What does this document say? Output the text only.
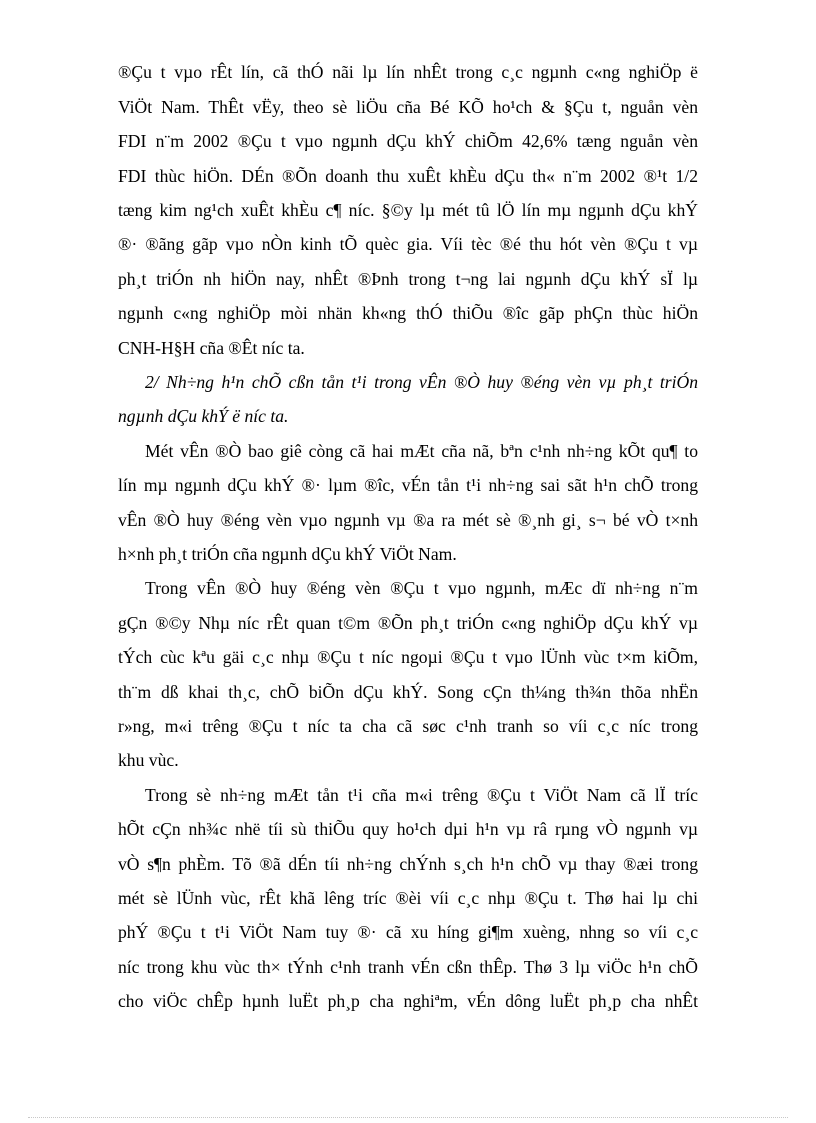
®Çu t vµo rÊt lín, cã thÓ nãi lµ lín nhÊt trong c¸c ngµnh c«ng nghiÖp ë

ViÖt Nam. ThÊt vËy, theo sè liÖu cña Bé KÕ ho¹ch & §Çu t, nguån vèn

FDI n¨m 2002 ®Çu t vµo ngµnh dÇu khÝ chiÕm 42,6% tæng nguån vèn

FDI thùc hiÖn. DÉn ®Õn doanh thu xuÊt khÈu dÇu th« n¨m 2002 ®¹t 1/2

tæng kim ng¹ch xuÊt khÈu c¶ níc. §©y lµ mét tû lÖ lín mµ ngµnh dÇu khÝ

®· ®ãng gãp vµo nÒn kinh tÕ quèc gia. Víi tèc ®é thu hót vèn ®Çu t vµ

ph¸t triÓn nh hiÖn nay, nhÊt ®Þnh trong t¬ng lai ngµnh dÇu khÝ sÏ lµ

ngµnh c«ng nghiÖp mòi nhän kh«ng thÓ thiÕu ®îc gãp phÇn thùc hiÖn

CNH-H§H cña ®Êt níc ta.

2/ Nh÷ng h¹n chÕ cßn tån t¹i trong vÊn ®Ò huy ®éng vèn vµ ph¸t triÓn

ngµnh dÇu khÝ ë níc ta.

Mét vÊn ®Ò bao giê còng cã hai mÆt cña nã, bªn c¹nh nh÷ng kÕt qu¶ to

lín mµ ngµnh dÇu khÝ ®· lµm ®îc, vÉn tån t¹i nh÷ng sai sãt h¹n chÕ trong

vÊn ®Ò huy ®éng vèn vµo ngµnh vµ ®a ra mét sè ®¸nh gi¸ s¬ bé vÒ t×nh

h×nh ph¸t triÓn cña ngµnh dÇu khÝ ViÖt Nam.

Trong vÊn ®Ò huy ®éng vèn ®Çu t vµo ngµnh, mÆc dï nh÷ng n¨m

gÇn ®©y Nhµ níc rÊt quan t©m ®Õn ph¸t triÓn c«ng nghiÖp dÇu khÝ vµ

tÝch cùc kªu gäi c¸c nhµ ®Çu t níc ngoµi ®Çu t vµo lÜnh vùc t×m kiÕm,

th¨m dß khai th¸c, chÕ biÕn dÇu khÝ. Song cÇn th¼ng th¾n thõa nhËn

r»ng, m«i trêng ®Çu t níc ta cha cã søc c¹nh tranh so víi c¸c níc trong

khu vùc.

Trong sè nh÷ng mÆt tån t¹i cña m«i trêng ®Çu t ViÖt Nam cã lÏ tríc

hÕt cÇn nh¾c nhë tíi sù thiÕu quy ho¹ch dµi h¹n vµ râ rµng vÒ ngµnh vµ

vÒ s¶n phÈm. Tõ ®ã dÉn tíi nh÷ng chÝnh s¸ch h¹n chÕ vµ thay ®æi trong

mét sè lÜnh vùc, rÊt khã lêng tríc ®èi víi c¸c nhµ ®Çu t. Thø hai lµ chi

phÝ ®Çu t t¹i ViÖt Nam tuy ®· cã xu híng gi¶m xuèng, nhng so víi c¸c

níc trong khu vùc th× tÝnh c¹nh tranh vÉn cßn thÊp. Thø 3 lµ viÖc h¹n chÕ

cho viÖc chÊp hµnh luËt ph¸p cha nghiªm, vÉn dông luËt ph¸p cha nhÊt
